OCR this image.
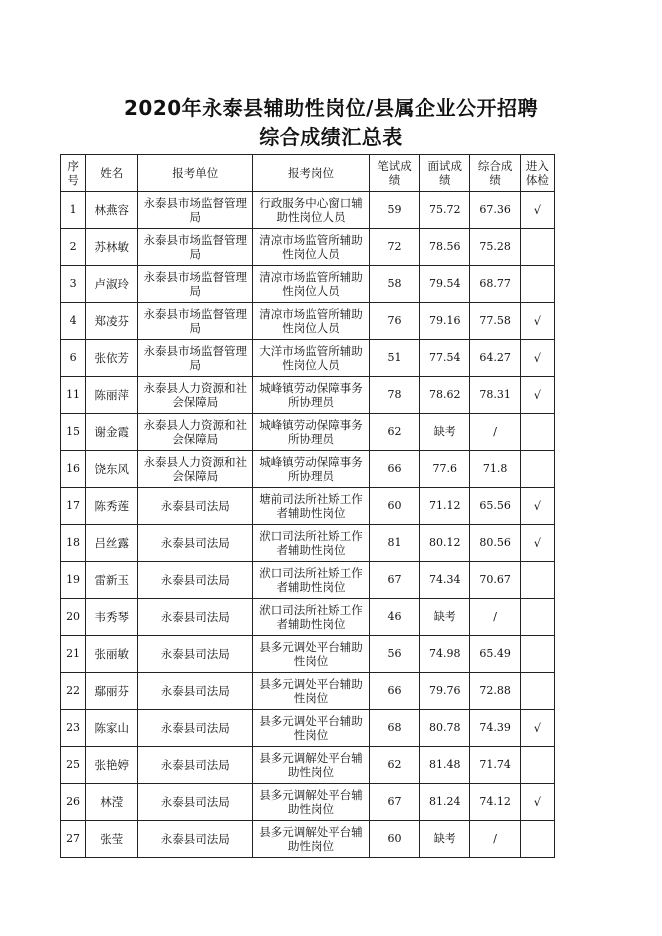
2020年永泰县辅助性岗位/县属企业公开招聘
综合成绩汇总表
序号	姓名	报考单位	报考岗位	笔试成绩	面试成绩	综合成绩	进入体检

1	林燕容	永泰县市场监督管理局	行政服务中心窗口辅助性岗位人员	59	75.72	67.36	√
2	苏林敏	永泰县市场监督管理局	清凉市场监管所辅助性岗位人员	72	78.56	75.28	
3	卢淑玲	永泰县市场监督管理局	清凉市场监管所辅助性岗位人员	58	79.54	68.77	
4	郑凌芬	永泰县市场监督管理局	清凉市场监管所辅助性岗位人员	76	79.16	77.58	√
6	张依芳	永泰县市场监督管理局	大洋市场监管所辅助性岗位人员	51	77.54	64.27	√
11	陈丽萍	永泰县人力资源和社会保障局	城峰镇劳动保障事务所协理员	78	78.62	78.31	√
15	谢金霞	永泰县人力资源和社会保障局	城峰镇劳动保障事务所协理员	62	缺考	/	
16	饶东风	永泰县人力资源和社会保障局	城峰镇劳动保障事务所协理员	66	77.6	71.8	
17	陈秀莲	永泰县司法局	塘前司法所社矫工作者辅助性岗位	60	71.12	65.56	√
18	吕丝露	永泰县司法局	洑口司法所社矫工作者辅助性岗位	81	80.12	80.56	√
19	雷新玉	永泰县司法局	洑口司法所社矫工作者辅助性岗位	67	74.34	70.67	
20	韦秀琴	永泰县司法局	洑口司法所社矫工作者辅助性岗位	46	缺考	/	
21	张丽敏	永泰县司法局	县多元调处平台辅助性岗位	56	74.98	65.49	
22	鄢丽芬	永泰县司法局	县多元调处平台辅助性岗位	66	79.76	72.88	
23	陈家山	永泰县司法局	县多元调处平台辅助性岗位	68	80.78	74.39	√
25	张艳婷	永泰县司法局	县多元调解处平台辅助性岗位	62	81.48	71.74	
26	林滢	永泰县司法局	县多元调解处平台辅助性岗位	67	81.24	74.12	√
27	张莹	永泰县司法局	县多元调解处平台辅助性岗位	60	缺考	/	
